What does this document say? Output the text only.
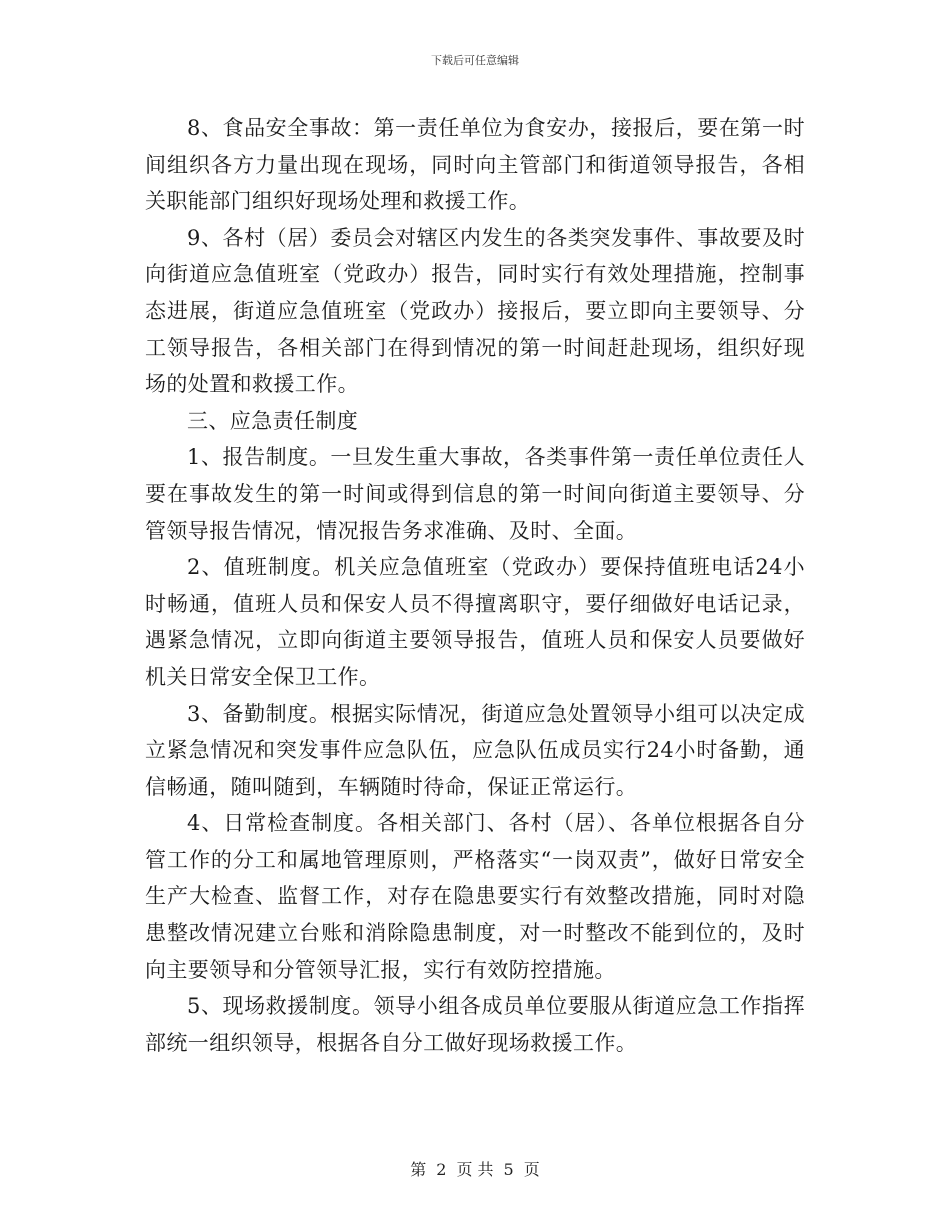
下载后可任意编辑

8、食品安全事故：第一责任单位为食安办，接报后，要在第一时间组织各方力量出现在现场，同时向主管部门和街道领导报告，各相关职能部门组织好现场处理和救援工作。

9、各村（居）委员会对辖区内发生的各类突发事件、事故要及时向街道应急值班室（党政办）报告，同时实行有效处理措施，控制事态进展，街道应急值班室（党政办）接报后，要立即向主要领导、分工领导报告，各相关部门在得到情况的第一时间赶赴现场，组织好现场的处置和救援工作。

三、应急责任制度

1、报告制度。一旦发生重大事故，各类事件第一责任单位责任人要在事故发生的第一时间或得到信息的第一时间向街道主要领导、分管领导报告情况，情况报告务求准确、及时、全面。

2、值班制度。机关应急值班室（党政办）要保持值班电话24小时畅通，值班人员和保安人员不得擅离职守，要仔细做好电话记录，遇紧急情况，立即向街道主要领导报告，值班人员和保安人员要做好机关日常安全保卫工作。

3、备勤制度。根据实际情况，街道应急处置领导小组可以决定成立紧急情况和突发事件应急队伍，应急队伍成员实行24小时备勤，通信畅通，随叫随到，车辆随时待命，保证正常运行。

4、日常检查制度。各相关部门、各村（居）、各单位根据各自分管工作的分工和属地管理原则，严格落实“一岗双责”，做好日常安全生产大检查、监督工作，对存在隐患要实行有效整改措施，同时对隐患整改情况建立台账和消除隐患制度，对一时整改不能到位的，及时向主要领导和分管领导汇报，实行有效防控措施。

5、现场救援制度。领导小组各成员单位要服从街道应急工作指挥部统一组织领导，根据各自分工做好现场救援工作。

第 2 页 共 5 页
